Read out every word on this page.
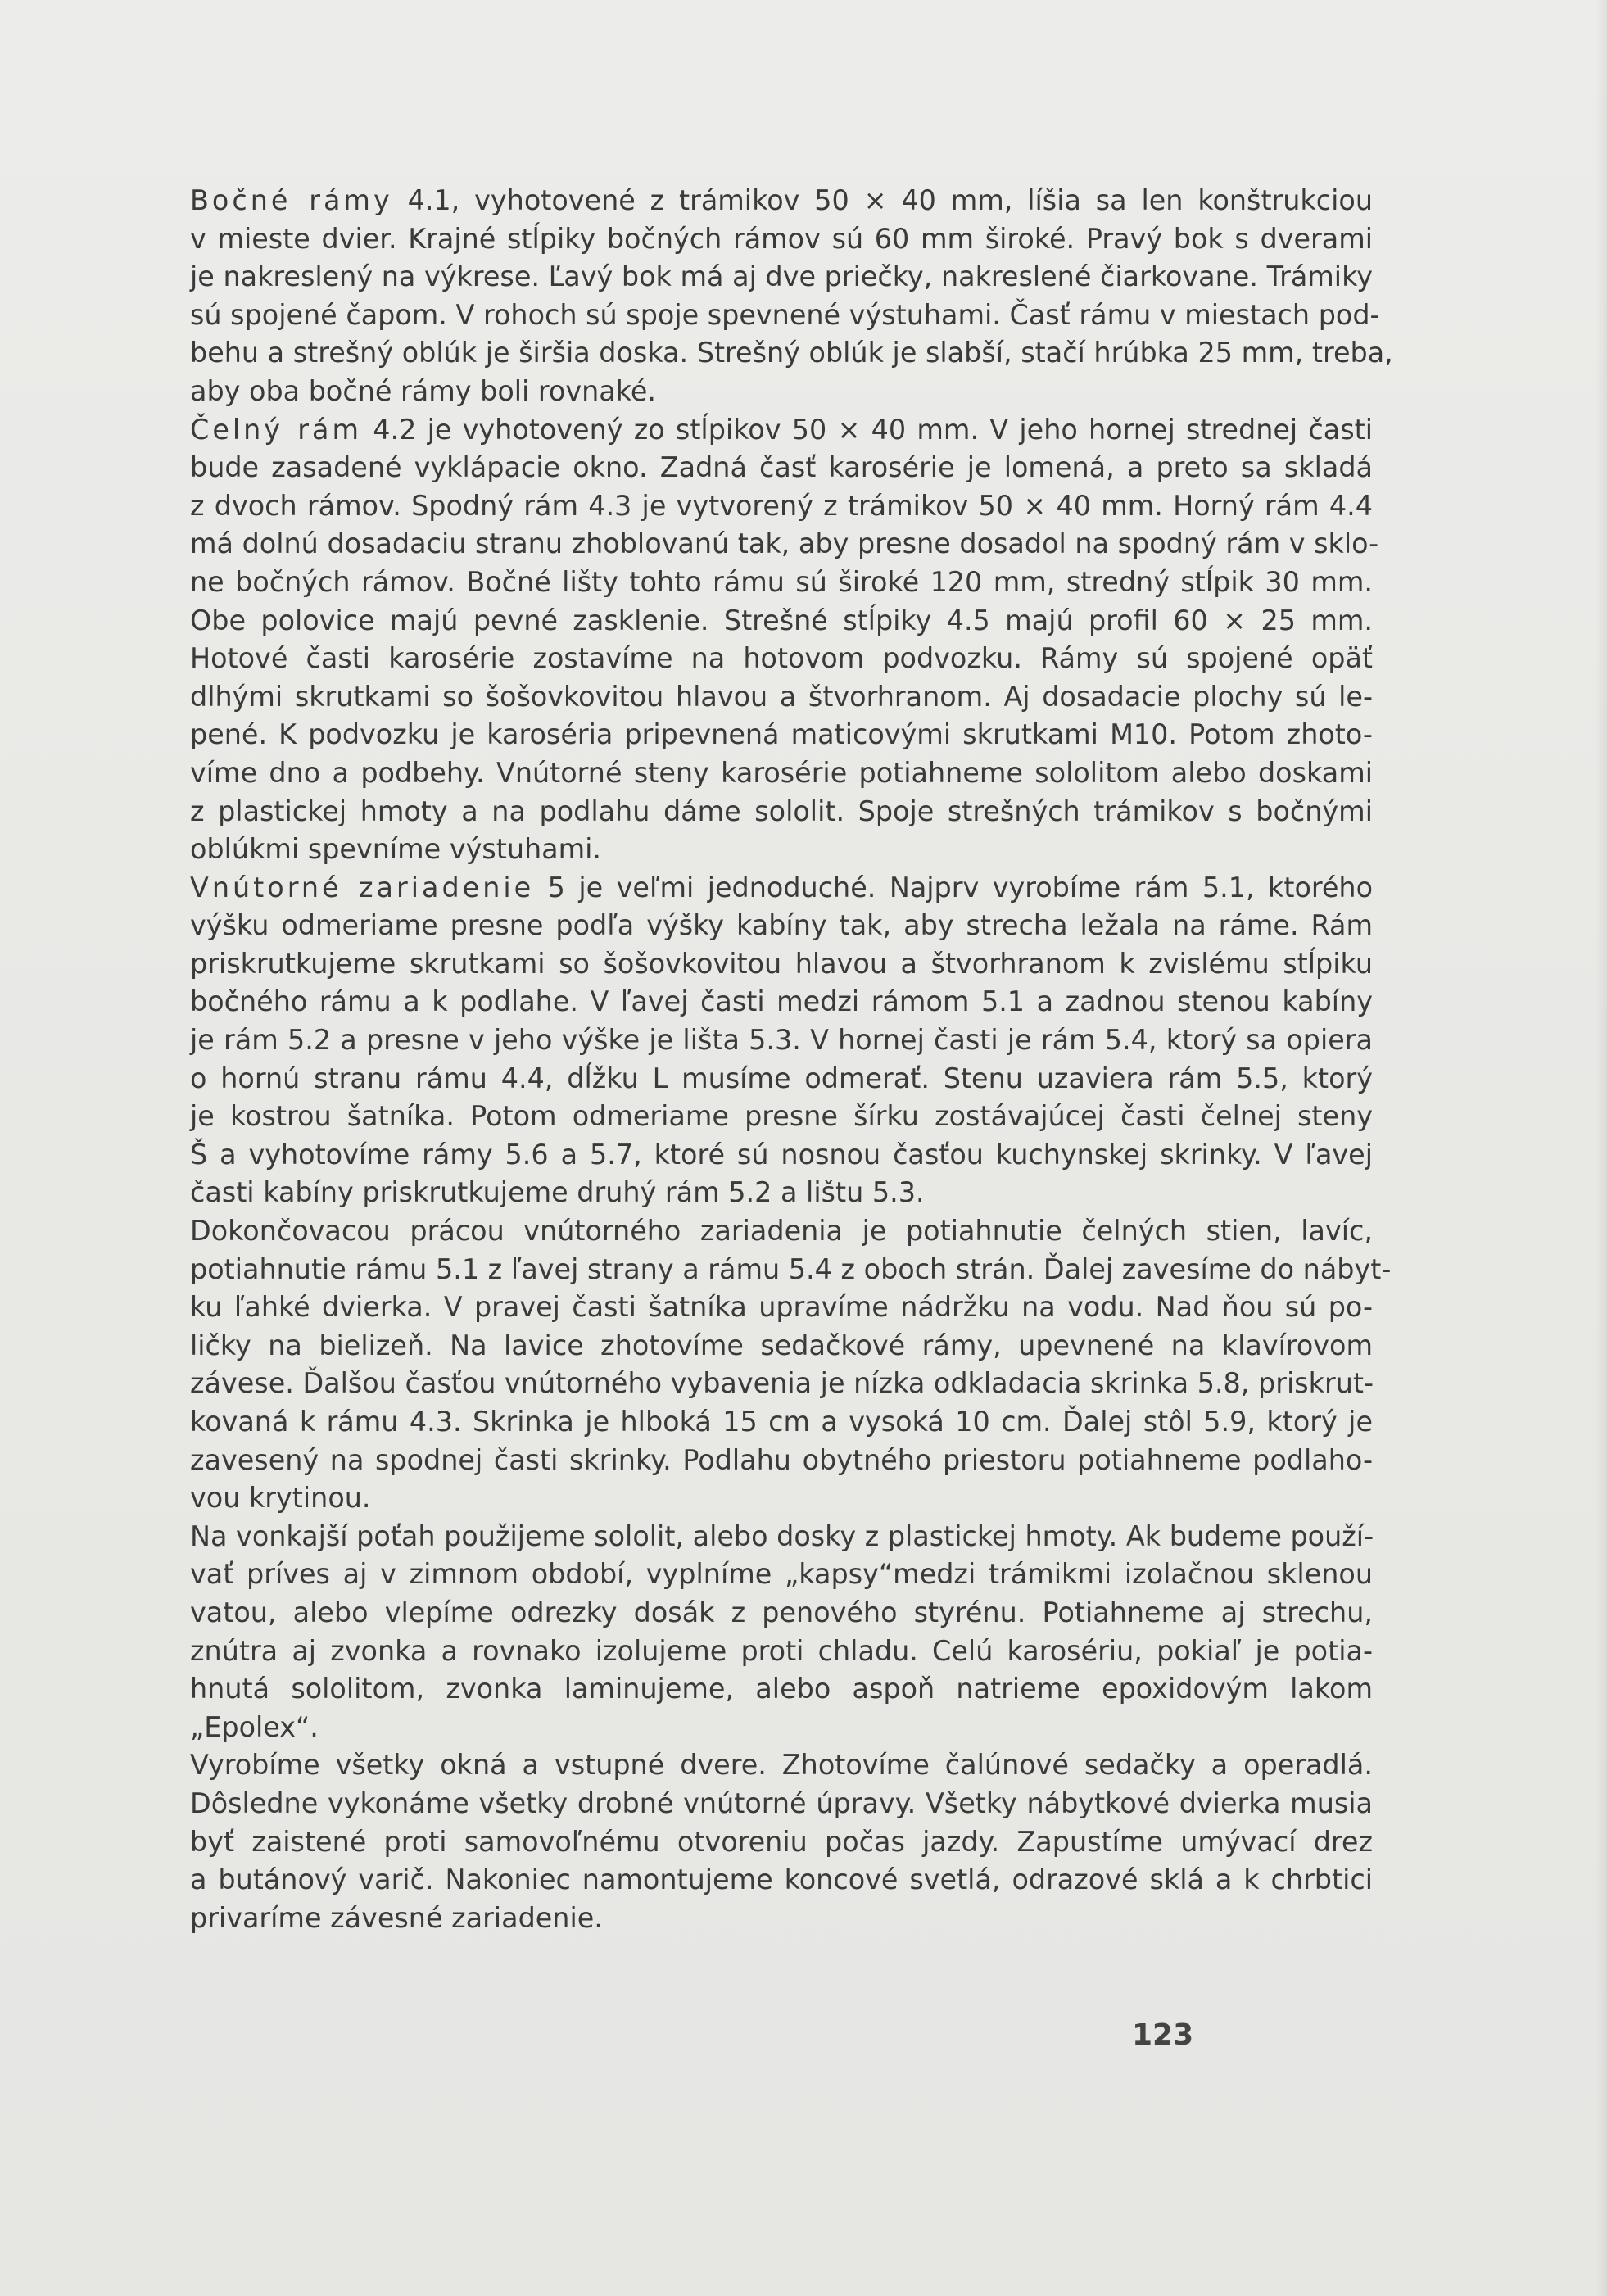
Bočné rámy 4.1, vyhotovené z trámikov 50 × 40 mm, líšia sa len konštrukciou
v mieste dvier. Krajné stĺpiky bočných rámov sú 60 mm široké. Pravý bok s dverami
je nakreslený na výkrese. Ľavý bok má aj dve priečky, nakreslené čiarkovane. Trámiky
sú spojené čapom. V rohoch sú spoje spevnené výstuhami. Časť rámu v miestach pod-
behu a strešný oblúk je širšia doska. Strešný oblúk je slabší, stačí hrúbka 25 mm, treba,
aby oba bočné rámy boli rovnaké.
Čelný rám 4.2 je vyhotovený zo stĺpikov 50 × 40 mm. V jeho hornej strednej časti
bude zasadené vyklápacie okno. Zadná časť karosérie je lomená, a preto sa skladá
z dvoch rámov. Spodný rám 4.3 je vytvorený z trámikov 50 × 40 mm. Horný rám 4.4
má dolnú dosadaciu stranu zhoblovanú tak, aby presne dosadol na spodný rám v sklo-
ne bočných rámov. Bočné lišty tohto rámu sú široké 120 mm, stredný stĺpik 30 mm.
Obe polovice majú pevné zasklenie. Strešné stĺpiky 4.5 majú profil 60 × 25 mm.
Hotové časti karosérie zostavíme na hotovom podvozku. Rámy sú spojené opäť
dlhými skrutkami so šošovkovitou hlavou a štvorhranom. Aj dosadacie plochy sú le-
pené. K podvozku je karoséria pripevnená maticovými skrutkami M10. Potom zhoto-
víme dno a podbehy. Vnútorné steny karosérie potiahneme sololitom alebo doskami
z plastickej hmoty a na podlahu dáme sololit. Spoje strešných trámikov s bočnými
oblúkmi spevníme výstuhami.
Vnútorné zariadenie 5 je veľmi jednoduché. Najprv vyrobíme rám 5.1, ktorého
výšku odmeriame presne podľa výšky kabíny tak, aby strecha ležala na ráme. Rám
priskrutkujeme skrutkami so šošovkovitou hlavou a štvorhranom k zvislému stĺpiku
bočného rámu a k podlahe. V ľavej časti medzi rámom 5.1 a zadnou stenou kabíny
je rám 5.2 a presne v jeho výške je lišta 5.3. V hornej časti je rám 5.4, ktorý sa opiera
o hornú stranu rámu 4.4, dĺžku L musíme odmerať. Stenu uzaviera rám 5.5, ktorý
je kostrou šatníka. Potom odmeriame presne šírku zostávajúcej časti čelnej steny
Š a vyhotovíme rámy 5.6 a 5.7, ktoré sú nosnou časťou kuchynskej skrinky. V ľavej
časti kabíny priskrutkujeme druhý rám 5.2 a lištu 5.3.
Dokončovacou prácou vnútorného zariadenia je potiahnutie čelných stien, lavíc,
potiahnutie rámu 5.1 z ľavej strany a rámu 5.4 z oboch strán. Ďalej zavesíme do nábyt-
ku ľahké dvierka. V pravej časti šatníka upravíme nádržku na vodu. Nad ňou sú po-
ličky na bielizeň. Na lavice zhotovíme sedačkové rámy, upevnené na klavírovom
závese. Ďalšou časťou vnútorného vybavenia je nízka odkladacia skrinka 5.8, priskrut-
kovaná k rámu 4.3. Skrinka je hlboká 15 cm a vysoká 10 cm. Ďalej stôl 5.9, ktorý je
zavesený na spodnej časti skrinky. Podlahu obytného priestoru potiahneme podlaho-
vou krytinou.
Na vonkajší poťah použijeme sololit, alebo dosky z plastickej hmoty. Ak budeme použí-
vať príves aj v zimnom období, vyplníme „kapsy“medzi trámikmi izolačnou sklenou
vatou, alebo vlepíme odrezky dosák z penového styrénu. Potiahneme aj strechu,
znútra aj zvonka a rovnako izolujeme proti chladu. Celú karosériu, pokiaľ je potia-
hnutá sololitom, zvonka laminujeme, alebo aspoň natrieme epoxidovým lakom
„Epolex“.
Vyrobíme všetky okná a vstupné dvere. Zhotovíme čalúnové sedačky a operadlá.
Dôsledne vykonáme všetky drobné vnútorné úpravy. Všetky nábytkové dvierka musia
byť zaistené proti samovoľnému otvoreniu počas jazdy. Zapustíme umývací drez
a butánový varič. Nakoniec namontujeme koncové svetlá, odrazové sklá a k chrbtici
privaríme závesné zariadenie.
123
